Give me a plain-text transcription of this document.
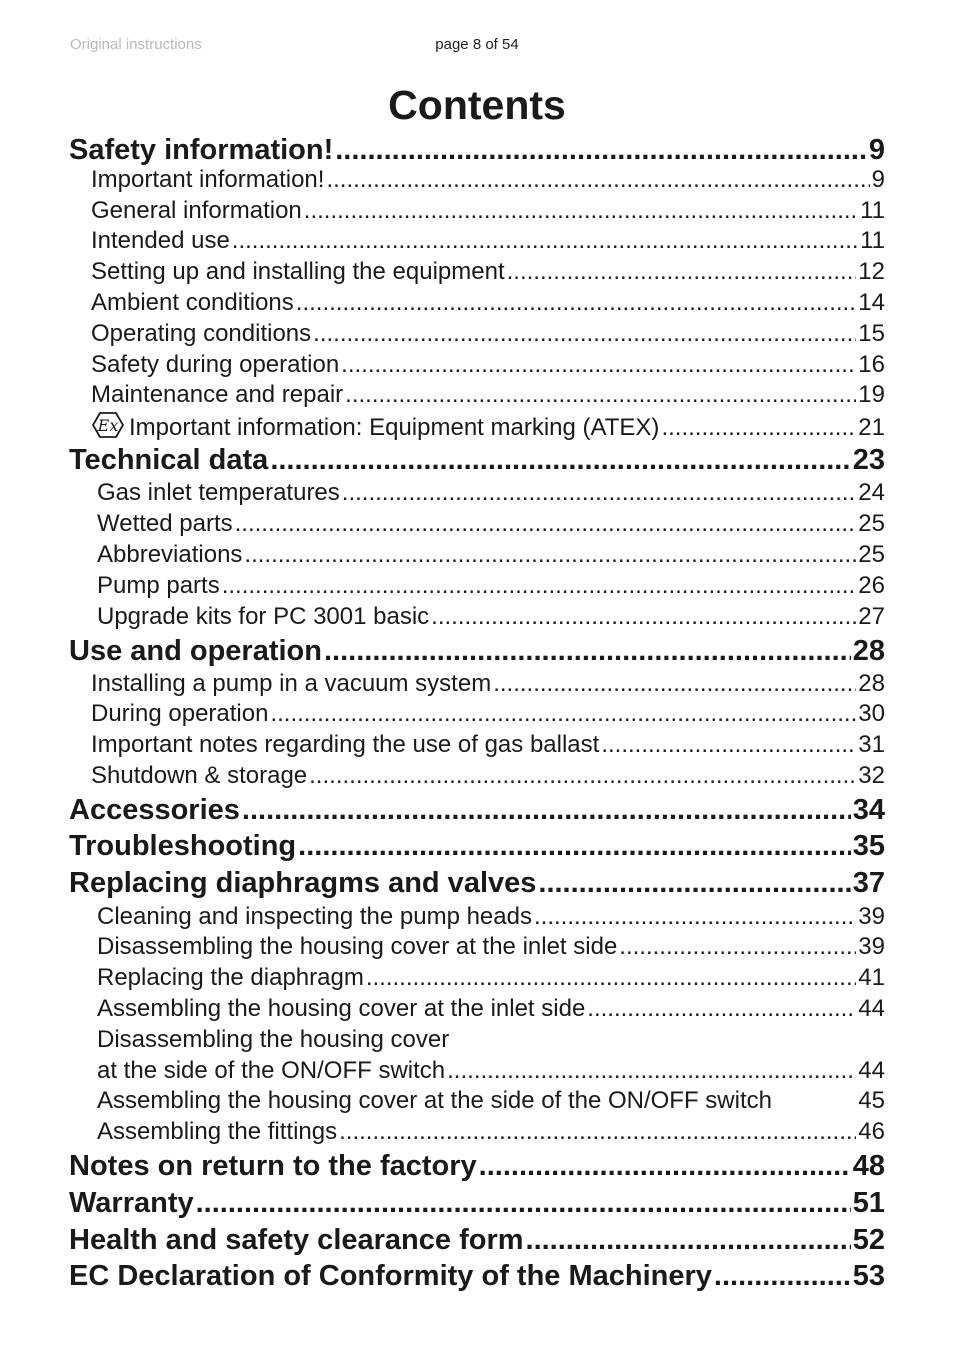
Original instructions	page 8 of 54
Contents
Safety information! .....	9
Important information! .....	9
General information .....	11
Intended use .....	11
Setting up and installing the equipment .....	12
Ambient conditions .....	14
Operating conditions .....	15
Safety during operation .....	16
Maintenance and repair .....	19
Ex Important information: Equipment marking (ATEX) .....	21
Technical data .....	23
Gas inlet temperatures .....	24
Wetted parts .....	25
Abbreviations .....	25
Pump parts .....	26
Upgrade kits for PC 3001 basic .....	27
Use and operation .....	28
Installing a pump in a vacuum system .....	28
During operation .....	30
Important notes regarding the use of gas ballast .....	31
Shutdown & storage .....	32
Accessories .....	34
Troubleshooting .....	35
Replacing diaphragms and valves .....	37
Cleaning and inspecting the pump heads .....	39
Disassembling the housing cover at the inlet side .....	39
Replacing the diaphragm .....	41
Assembling the housing cover at the inlet side .....	44
Disassembling the housing cover
at the side of the ON/OFF switch .....	44
Assembling the housing cover at the side of the ON/OFF switch	45
Assembling the fittings .....	46
Notes on return to the factory .....	48
Warranty .....	51
Health and safety clearance form .....	52
EC Declaration of Conformity of the Machinery .....	53
